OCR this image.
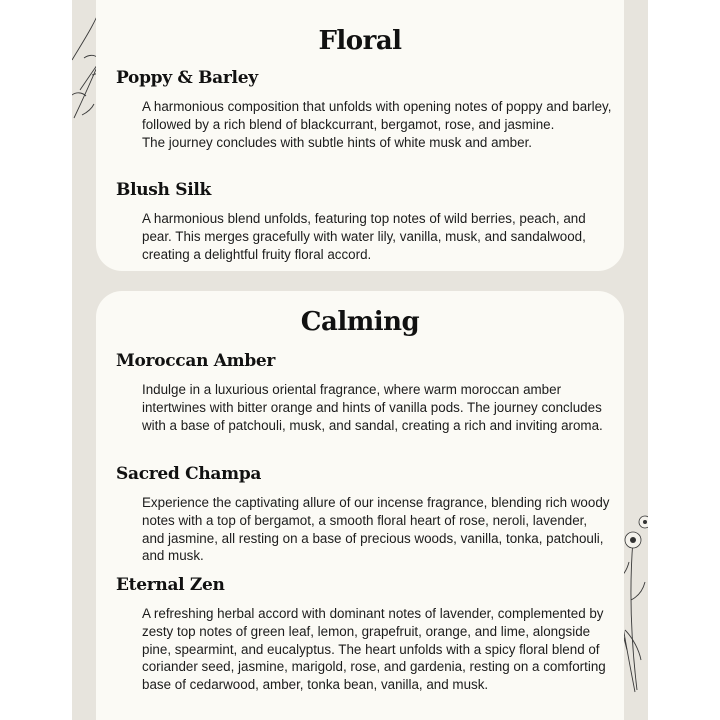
Floral
Poppy & Barley

A harmonious composition that unfolds with opening notes of poppy and barley, followed by a rich blend of blackcurrant, bergamot, rose, and jasmine.
The journey concludes with subtle hints of white musk and amber.

Blush Silk

A harmonious blend unfolds, featuring top notes of wild berries, peach, and pear. This merges gracefully with water lily, vanilla, musk, and sandalwood, creating a delightful fruity floral accord.

Calming
Moroccan Amber

Indulge in a luxurious oriental fragrance, where warm moroccan amber intertwines with bitter orange and hints of vanilla pods. The journey concludes with a base of patchouli, musk, and sandal, creating a rich and inviting aroma.

Sacred Champa

Experience the captivating allure of our incense fragrance, blending rich woody notes with a top of bergamot, a smooth floral heart of rose, neroli, lavender, and jasmine, all resting on a base of precious woods, vanilla, tonka, patchouli, and musk.

Eternal Zen

A refreshing herbal accord with dominant notes of lavender, complemented by zesty top notes of green leaf, lemon, grapefruit, orange, and lime, alongside pine, spearmint, and eucalyptus. The heart unfolds with a spicy floral blend of coriander seed, jasmine, marigold, rose, and gardenia, resting on a comforting base of cedarwood, amber, tonka bean, vanilla, and musk.
